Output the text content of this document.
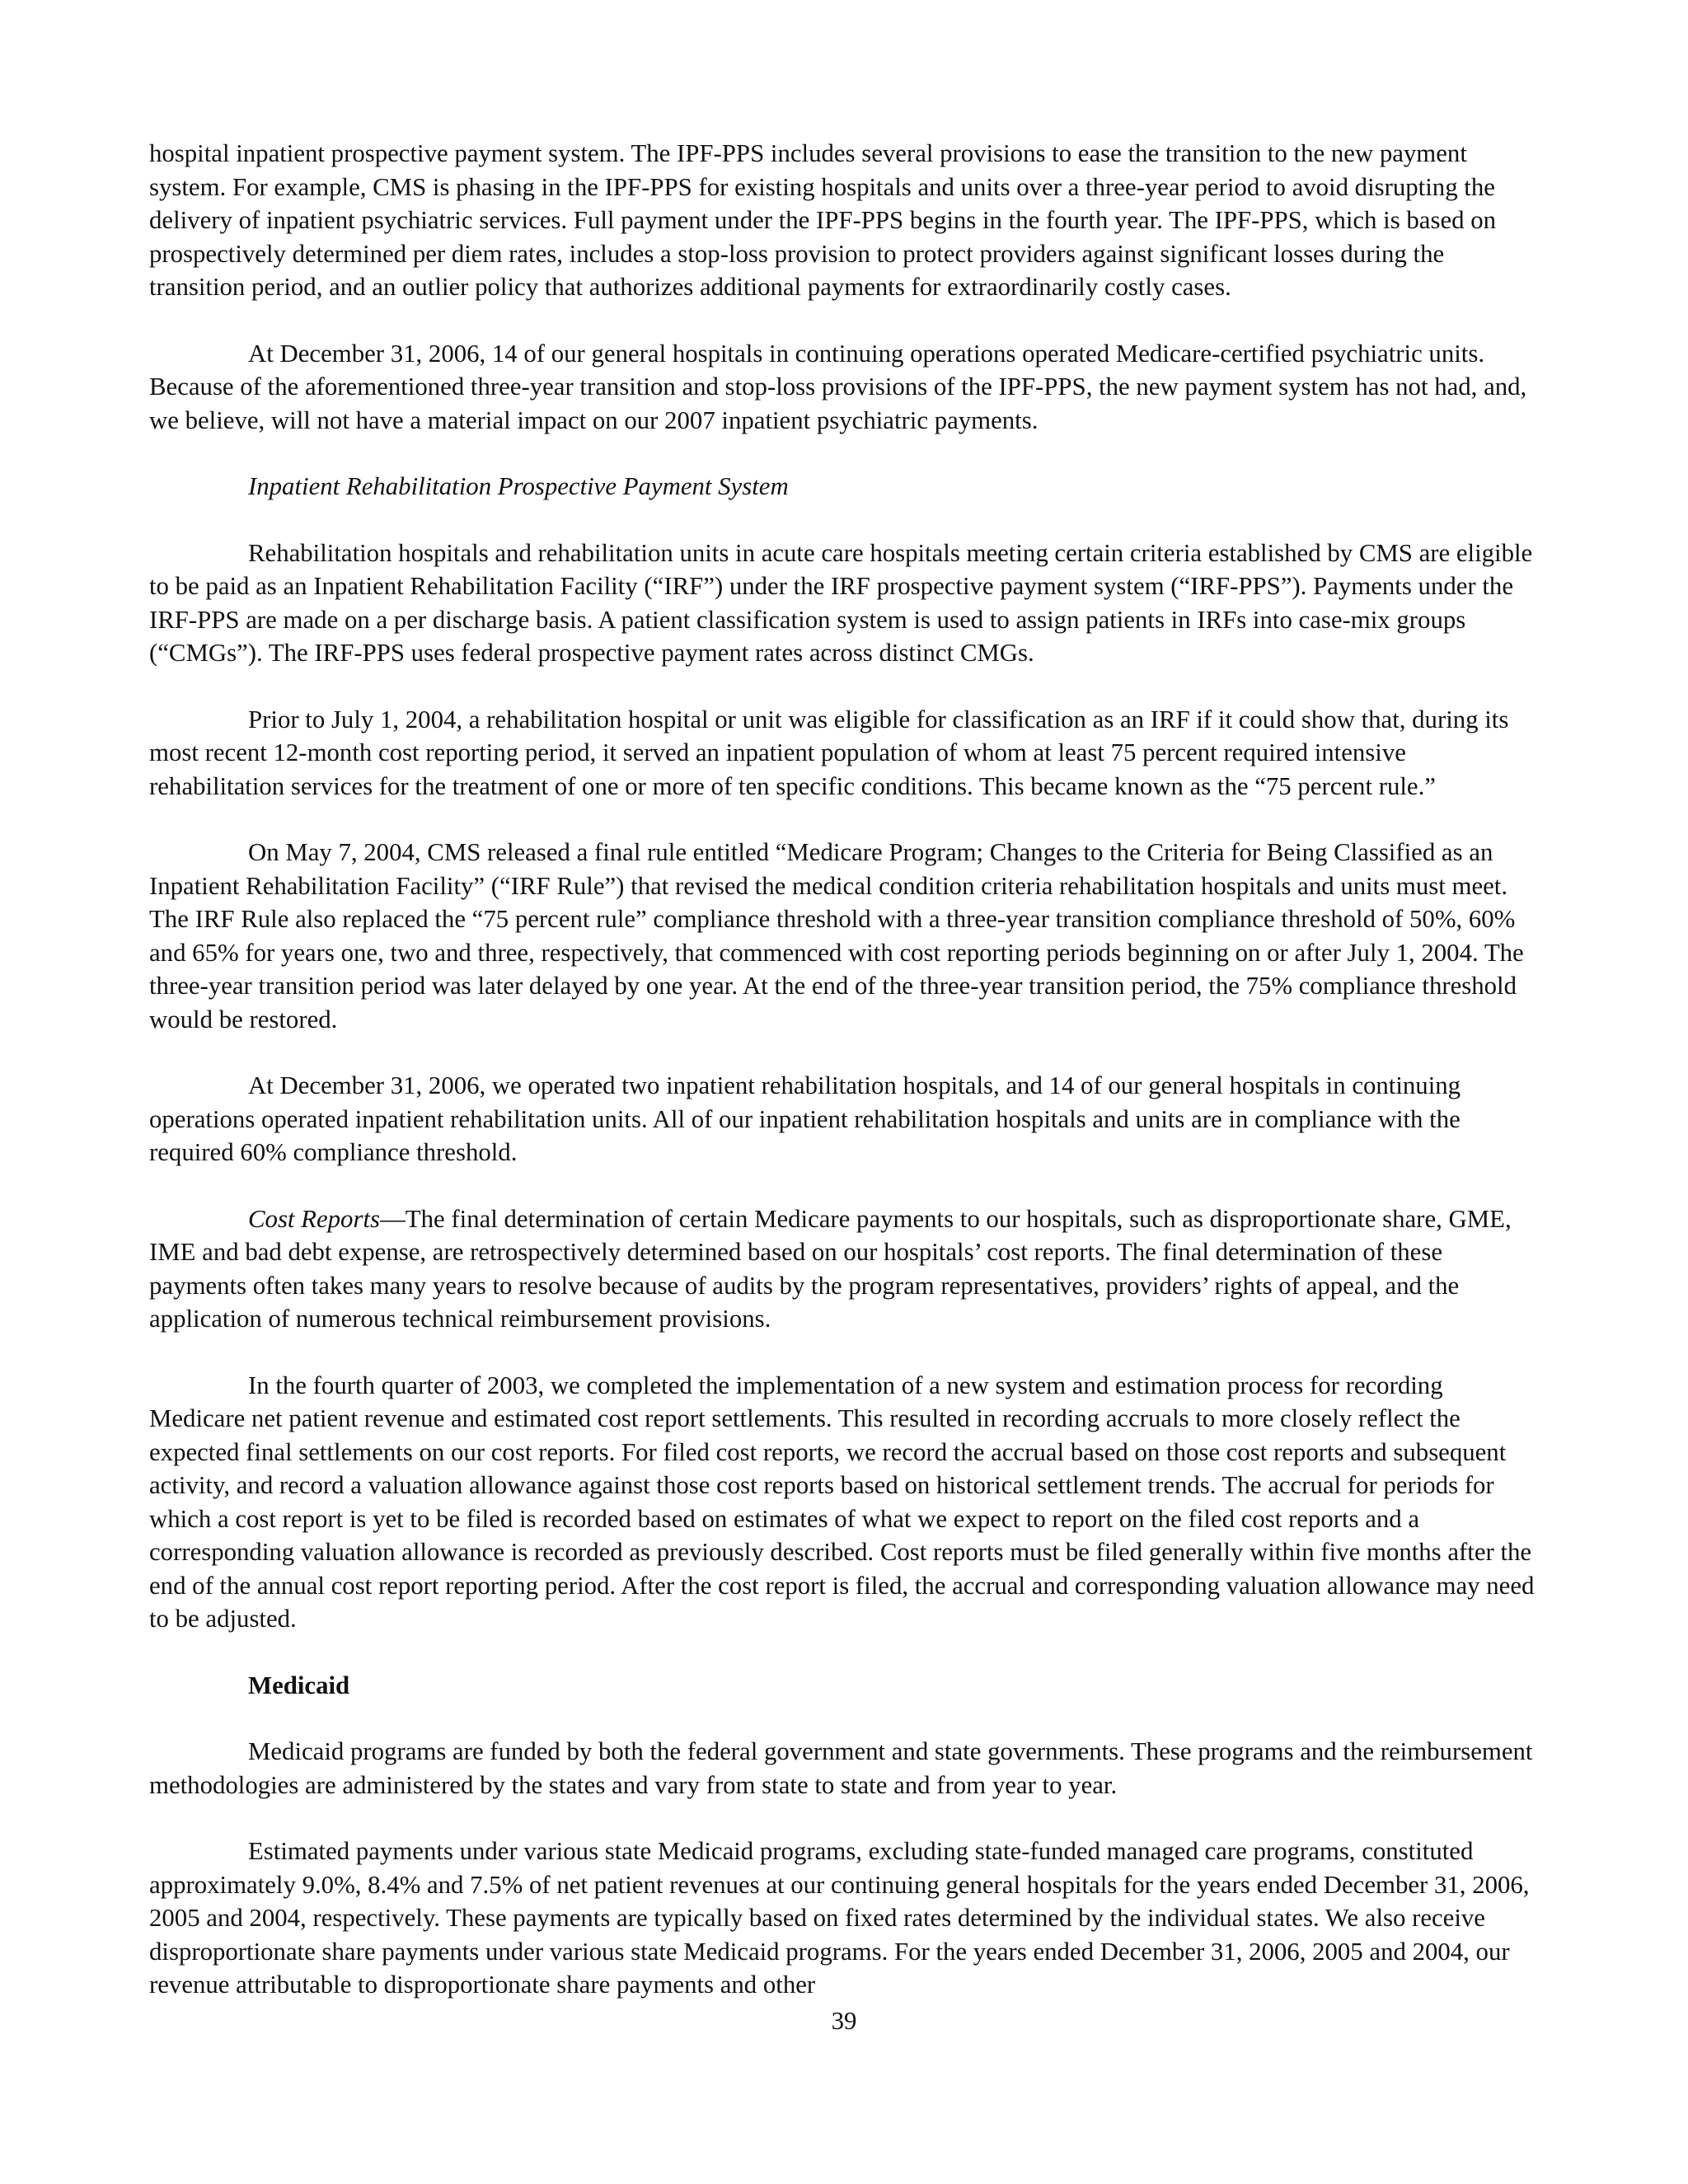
hospital inpatient prospective payment system. The IPF-PPS includes several provisions to ease the transition to the new payment system. For example, CMS is phasing in the IPF-PPS for existing hospitals and units over a three-year period to avoid disrupting the delivery of inpatient psychiatric services. Full payment under the IPF-PPS begins in the fourth year. The IPF-PPS, which is based on prospectively determined per diem rates, includes a stop-loss provision to protect providers against significant losses during the transition period, and an outlier policy that authorizes additional payments for extraordinarily costly cases.

At December 31, 2006, 14 of our general hospitals in continuing operations operated Medicare-certified psychiatric units. Because of the aforementioned three-year transition and stop-loss provisions of the IPF-PPS, the new payment system has not had, and, we believe, will not have a material impact on our 2007 inpatient psychiatric payments.

Inpatient Rehabilitation Prospective Payment System

Rehabilitation hospitals and rehabilitation units in acute care hospitals meeting certain criteria established by CMS are eligible to be paid as an Inpatient Rehabilitation Facility (“IRF”) under the IRF prospective payment system (“IRF-PPS”). Payments under the IRF-PPS are made on a per discharge basis. A patient classification system is used to assign patients in IRFs into case-mix groups (“CMGs”). The IRF-PPS uses federal prospective payment rates across distinct CMGs.

Prior to July 1, 2004, a rehabilitation hospital or unit was eligible for classification as an IRF if it could show that, during its most recent 12-month cost reporting period, it served an inpatient population of whom at least 75 percent required intensive rehabilitation services for the treatment of one or more of ten specific conditions. This became known as the “75 percent rule.”

On May 7, 2004, CMS released a final rule entitled “Medicare Program; Changes to the Criteria for Being Classified as an Inpatient Rehabilitation Facility” (“IRF Rule”) that revised the medical condition criteria rehabilitation hospitals and units must meet. The IRF Rule also replaced the “75 percent rule” compliance threshold with a three-year transition compliance threshold of 50%, 60% and 65% for years one, two and three, respectively, that commenced with cost reporting periods beginning on or after July 1, 2004. The three-year transition period was later delayed by one year. At the end of the three-year transition period, the 75% compliance threshold would be restored.

At December 31, 2006, we operated two inpatient rehabilitation hospitals, and 14 of our general hospitals in continuing operations operated inpatient rehabilitation units. All of our inpatient rehabilitation hospitals and units are in compliance with the required 60% compliance threshold.

Cost Reports—The final determination of certain Medicare payments to our hospitals, such as disproportionate share, GME, IME and bad debt expense, are retrospectively determined based on our hospitals’ cost reports. The final determination of these payments often takes many years to resolve because of audits by the program representatives, providers’ rights of appeal, and the application of numerous technical reimbursement provisions.

In the fourth quarter of 2003, we completed the implementation of a new system and estimation process for recording Medicare net patient revenue and estimated cost report settlements. This resulted in recording accruals to more closely reflect the expected final settlements on our cost reports. For filed cost reports, we record the accrual based on those cost reports and subsequent activity, and record a valuation allowance against those cost reports based on historical settlement trends. The accrual for periods for which a cost report is yet to be filed is recorded based on estimates of what we expect to report on the filed cost reports and a corresponding valuation allowance is recorded as previously described. Cost reports must be filed generally within five months after the end of the annual cost report reporting period. After the cost report is filed, the accrual and corresponding valuation allowance may need to be adjusted.

Medicaid

Medicaid programs are funded by both the federal government and state governments. These programs and the reimbursement methodologies are administered by the states and vary from state to state and from year to year.

Estimated payments under various state Medicaid programs, excluding state-funded managed care programs, constituted approximately 9.0%, 8.4% and 7.5% of net patient revenues at our continuing general hospitals for the years ended December 31, 2006, 2005 and 2004, respectively. These payments are typically based on fixed rates determined by the individual states. We also receive disproportionate share payments under various state Medicaid programs. For the years ended December 31, 2006, 2005 and 2004, our revenue attributable to disproportionate share payments and other

39
